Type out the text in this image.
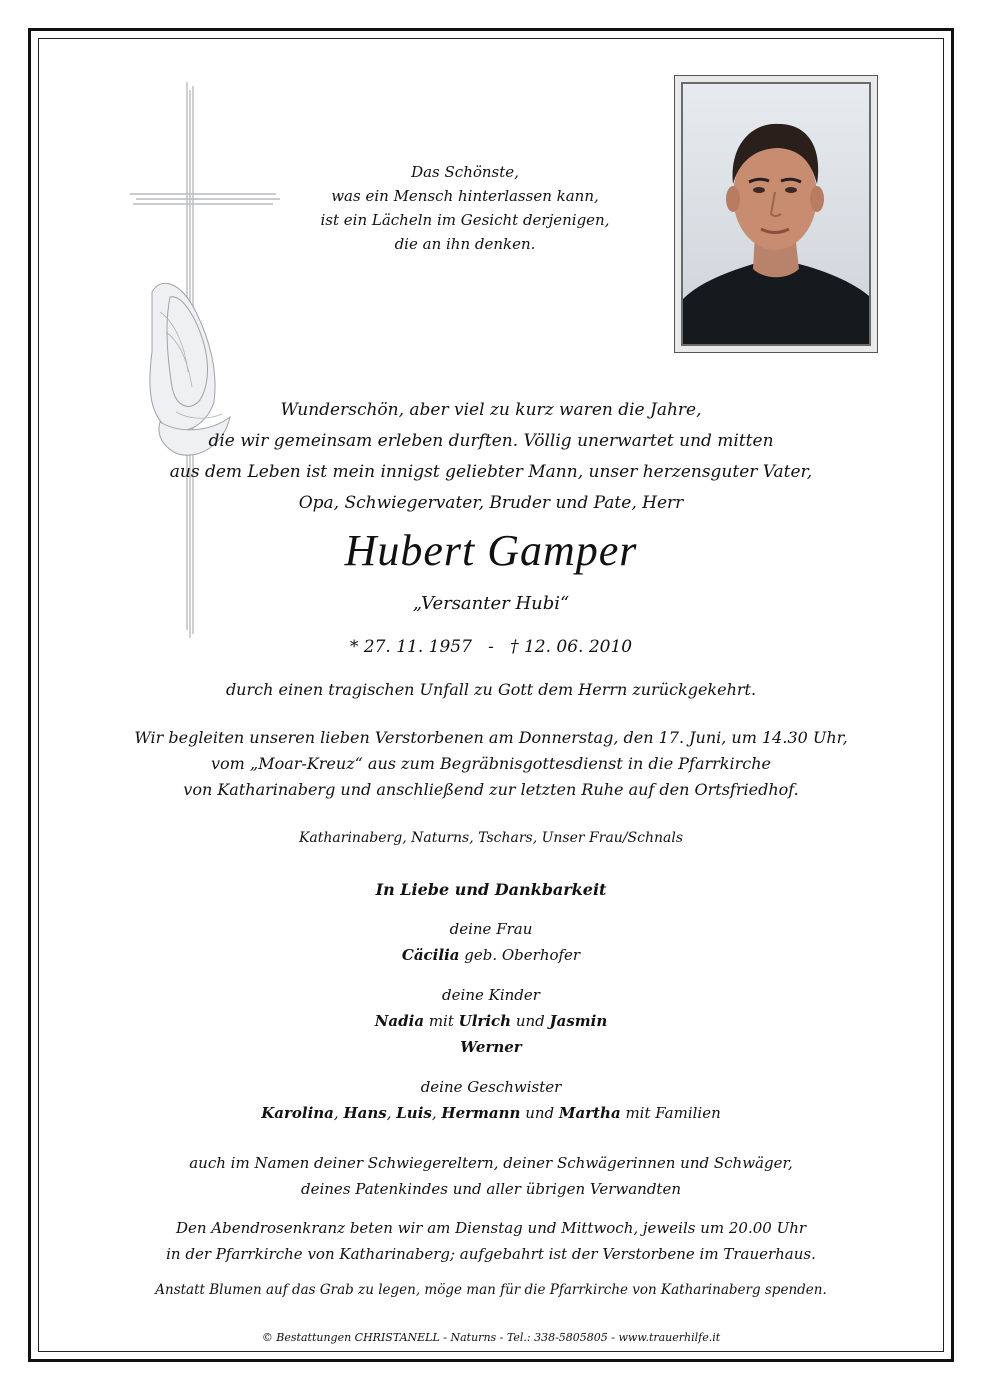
Das Schönste,
was ein Mensch hinterlassen kann,
ist ein Lächeln im Gesicht derjenigen,
die an ihn denken.
Wunderschön, aber viel zu kurz waren die Jahre,
die wir gemeinsam erleben durften. Völlig unerwartet und mitten
aus dem Leben ist mein innigst geliebter Mann, unser herzensguter Vater,
Opa, Schwiegervater, Bruder und Pate, Herr
Hubert Gamper
„Versanter Hubi“
* 27. 11. 1957   -   † 12. 06. 2010
durch einen tragischen Unfall zu Gott dem Herrn zurückgekehrt.
Wir begleiten unseren lieben Verstorbenen am Donnerstag, den 17. Juni, um 14.30 Uhr,
vom „Moar-Kreuz“ aus zum Begräbnisgottesdienst in die Pfarrkirche
von Katharinaberg und anschließend zur letzten Ruhe auf den Ortsfriedhof.
Katharinaberg, Naturns, Tschars, Unser Frau/Schnals
In Liebe und Dankbarkeit
deine Frau
Cäcilia geb. Oberhofer
deine Kinder
Nadia mit Ulrich und Jasmin
Werner
deine Geschwister
Karolina, Hans, Luis, Hermann und Martha mit Familien
auch im Namen deiner Schwiegereltern, deiner Schwägerinnen und Schwäger,
deines Patenkindes und aller übrigen Verwandten
Den Abendrosenkranz beten wir am Dienstag und Mittwoch, jeweils um 20.00 Uhr
in der Pfarrkirche von Katharinaberg; aufgebahrt ist der Verstorbene im Trauerhaus.
Anstatt Blumen auf das Grab zu legen, möge man für die Pfarrkirche von Katharinaberg spenden.
© Bestattungen CHRISTANELL - Naturns - Tel.: 338-5805805 - www.trauerhilfe.it
